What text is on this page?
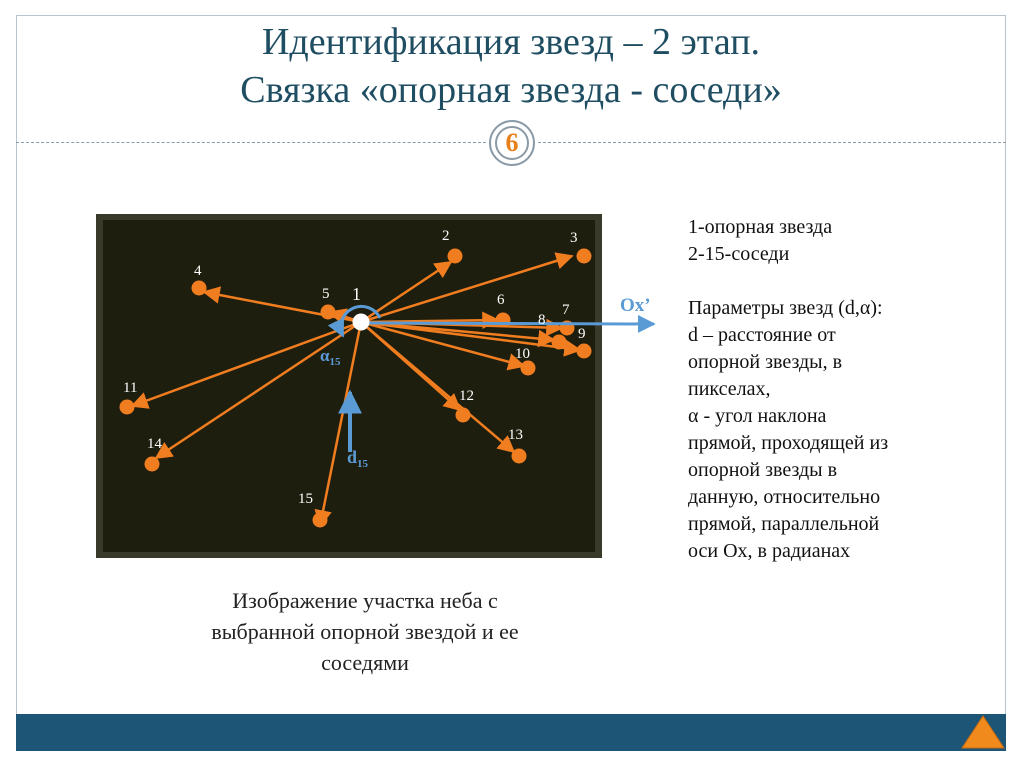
Идентификация звезд – 2 этап.
Связка «опорная звезда - соседи»
6
2	3
4
5	6
7
8
9
10
11	12
13
14
15
1
Ox’
$\alpha_{15}$
$d_{15}$
Изображение участка неба с
выбранной опорной звездой и ее
соседями
1-опорная звезда
2-15-соседи
Параметры звезд (d,α):
d – расстояние от
опорной звезды, в
пикселах,
α - угол наклона
прямой, проходящей из
опорной звезды в
данную, относительно
прямой, параллельной
оси Ox, в радианах
